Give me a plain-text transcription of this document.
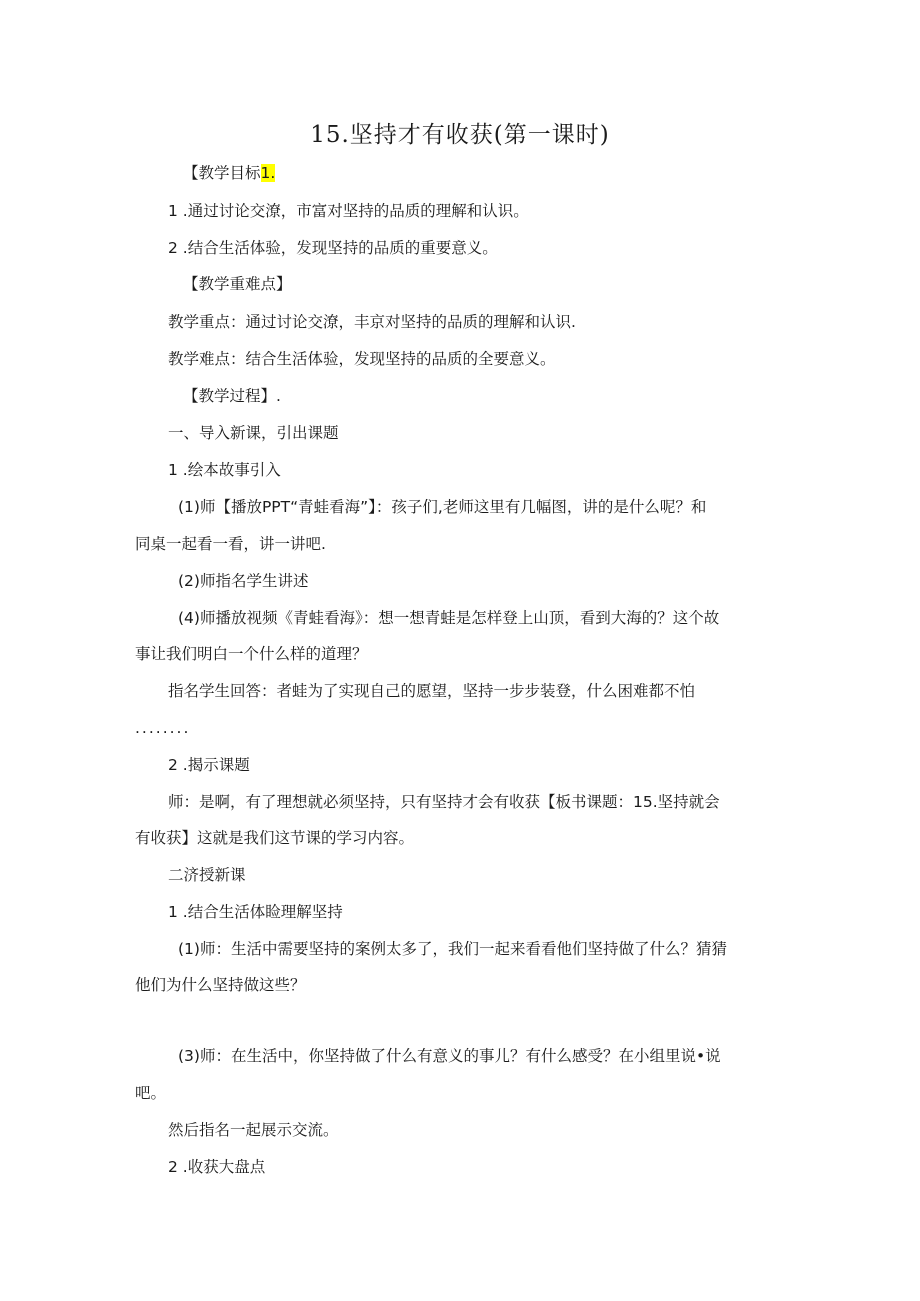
15.坚持才有收获(第一课时)
【教学目标1.
1 .通过讨论交潦，市富对坚持的品质的理解和认识。
2 .结合生活体验，发现坚持的品质的重要意义。
【教学重难点】
教学重点：通过讨论交潦，丰京对坚持的品质的理解和认识.
教学难点：结合生活体验，发现坚持的品质的全要意义。
【教学过程】.
一、导入新课，引出课题
1 .绘本故事引入
(1)师【播放PPT“青蛙看海”】：孩子们,老师这里有几幅图，讲的是什么呢？和
同桌一起看一看，讲一讲吧.
(2)师指名学生讲述
(4)师播放视频《青蛙看海》：想一想青蛙是怎样登上山顶，看到大海的？这个故
事让我们明白一个什么样的道理？
指名学生回答：者蛙为了实现自己的愿望，坚持一步步装登，什么困难都不怕
........
2 .揭示课题
师：是啊，有了理想就必须坚持，只有坚持才会有收获【板书课题：15.坚持就会
有收获】这就是我们这节课的学习内容。
二济授新课
1 .结合生活体睑理解坚持
(1)师：生活中需要坚持的案例太多了，我们一起来看看他们坚持做了什么？猜猜
他们为什么坚持做这些？
(3)师：在生活中，你坚持做了什么有意义的事儿？有什么感受？在小组里说•说
吧。
然后指名一起展示交流。
2 .收获大盘点
